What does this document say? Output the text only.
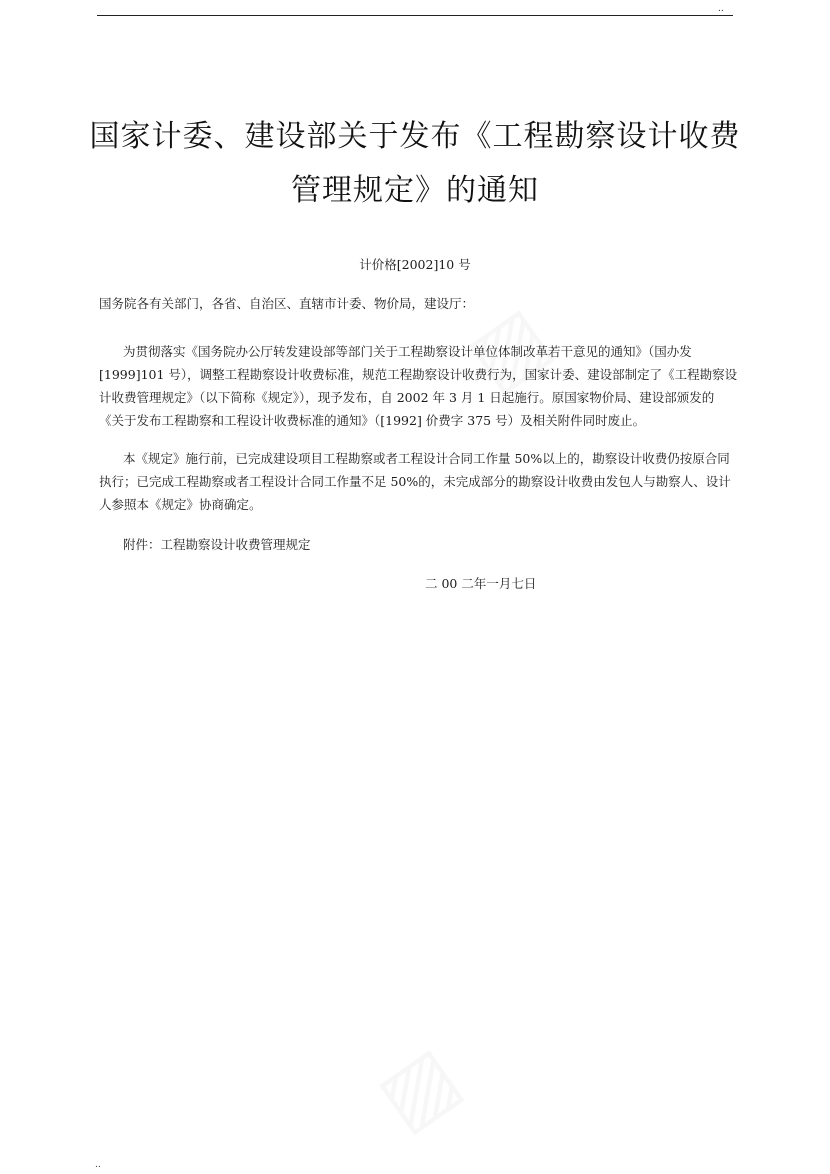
..
▨
▨
国家计委、建设部关于发布《工程勘察设计收费
管理规定》的通知
计价格[2002]10 号

国务院各有关部门，各省、自治区、直辖市计委、物价局，建设厅：

为贯彻落实《国务院办公厅转发建设部等部门关于工程勘察设计单位体制改革若干意见的通知》（国办发[1999]101 号），调整工程勘察设计收费标准，规范工程勘察设计收费行为，国家计委、建设部制定了《工程勘察设计收费管理规定》（以下简称《规定》），现予发布，自 2002 年 3 月 1 日起施行。原国家物价局、建设部颁发的《关于发布工程勘察和工程设计收费标准的通知》（[1992] 价费字 375 号）及相关附件同时废止。

本《规定》施行前，已完成建设项目工程勘察或者工程设计合同工作量 50%以上的，勘察设计收费仍按原合同执行；已完成工程勘察或者工程设计合同工作量不足 50%的，未完成部分的勘察设计收费由发包人与勘察人、设计人参照本《规定》协商确定。

附件：工程勘察设计收费管理规定

二 00 二年一月七日
..
